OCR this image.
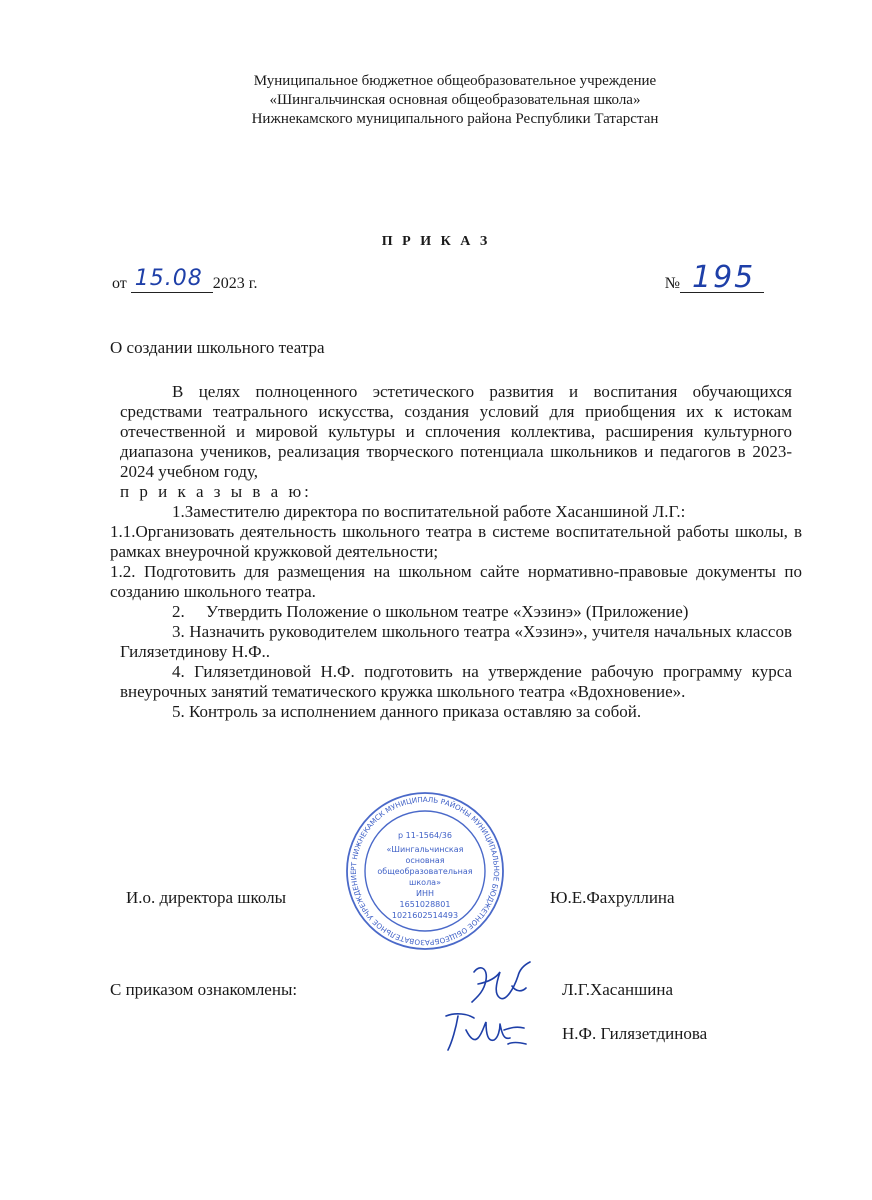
Муниципальное бюджетное общеобразовательное учреждение
«Шингальчинская основная общеобразовательная школа»
Нижнекамского муниципального района Республики Татарстан
П Р И К А З
от 15.08 2023 г.	№ 195
О создании школьного театра

В целях полноценного эстетического развития и воспитания обучающихся средствами театрального искусства, создания условий для приобщения их к истокам отечественной и мировой культуры и сплочения коллектива, расширения культурного диапазона учеников, реализация творческого потенциала школьников и педагогов в 2023-2024 учебном году,

п р и к а з ы в а ю:

1.Заместителю директора по воспитательной работе Хасаншиной Л.Г.:

1.1.Организовать деятельность школьного театра в системе воспитательной работы школы, в рамках внеурочной кружковой деятельности;

1.2. Подготовить для размещения на школьном сайте нормативно-правовые документы по созданию школьного театра.

2.     Утвердить Положение о школьном театре «Хэзинэ» (Приложение)

3. Назначить руководителем школьного театра «Хэзинэ», учителя начальных классов Гилязетдинову Н.Ф..

4. Гилязетдиновой Н.Ф. подготовить на утверждение рабочую программу курса внеурочных занятий тематического кружка школьного театра «Вдохновение».

5. Контроль за исполнением данного приказа оставляю за собой.

РТ НИЖНЕКАМСК МУНИЦИПАЛЬ РАЙОНЫ МУНИЦИПАЛЬНОЕ БЮДЖЕТНОЕ ОБЩЕОБРАЗОВАТЕЛЬНОЕ УЧРЕЖДЕНИЕ
р 11-1564/36
«Шингальчинская
основная
общеобразовательная
школа»
ИНН
1651028801
1021602514493
И.о. директора школы	Ю.Е.Фахруллина
С приказом ознакомлены:	Л.Г.Хасаншина
Н.Ф. Гилязетдинова
